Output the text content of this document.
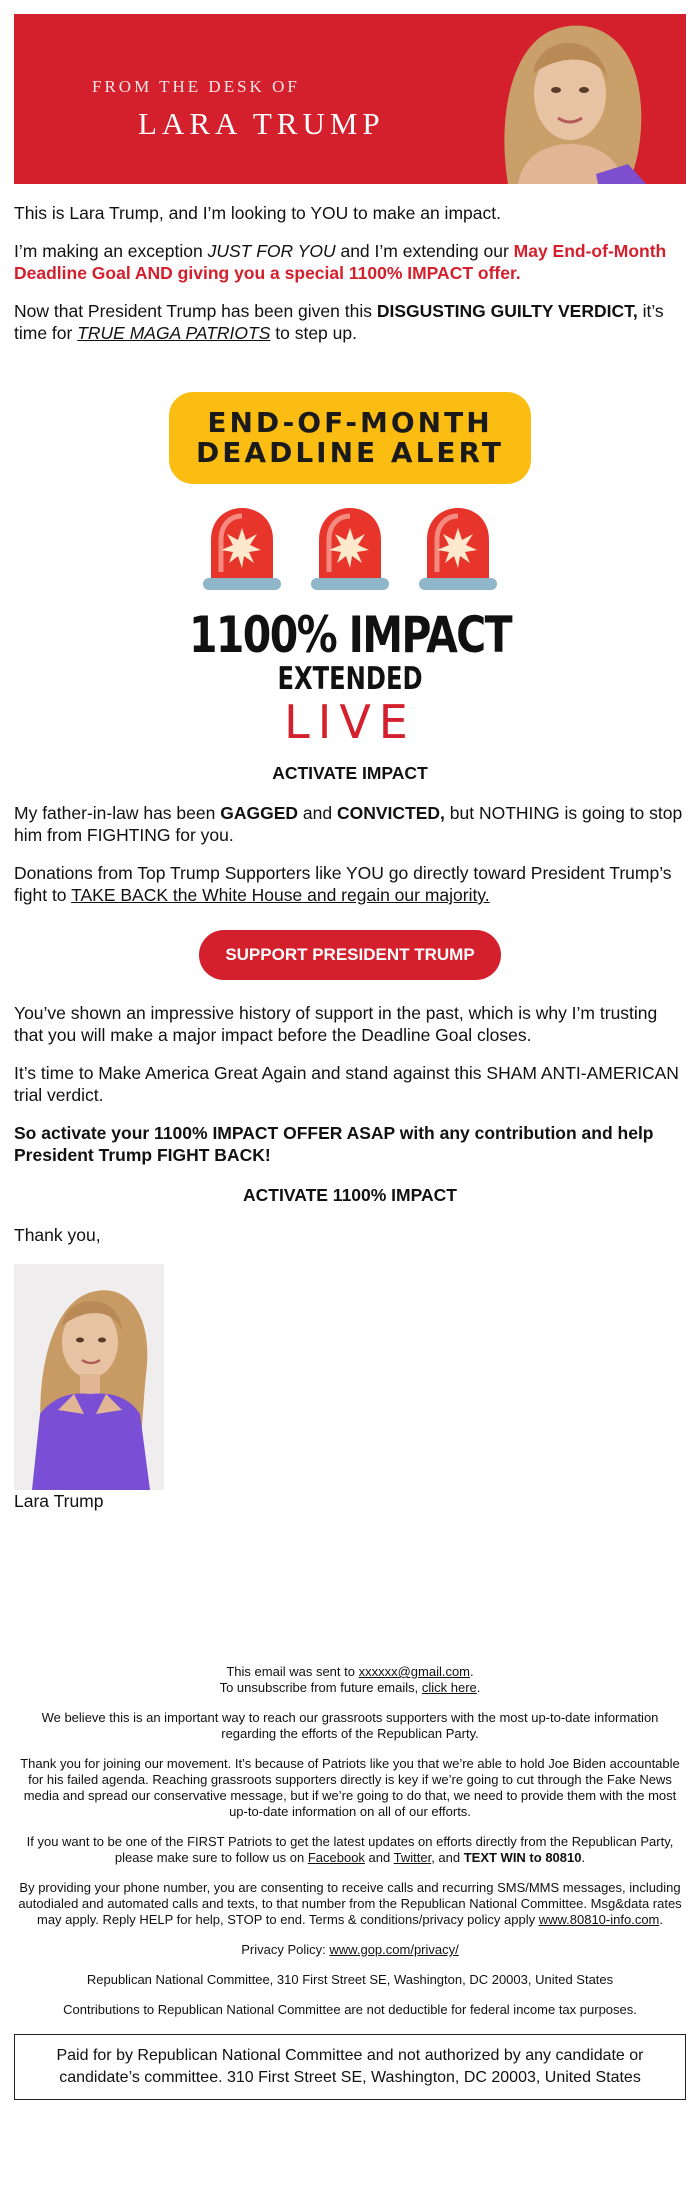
FROM THE DESK OF
LARA TRUMP

This is Lara Trump, and I’m looking to YOU to make an impact.

I’m making an exception JUST FOR YOU and I’m extending our May End-of-Month Deadline Goal AND giving you a special 1100% IMPACT offer.

Now that President Trump has been given this DISGUSTING GUILTY VERDICT, it’s time for TRUE MAGA PATRIOTS to step up.

END-OF-MONTH
DEADLINE ALERT
1100% IMPACT
EXTENDED
LIVE

ACTIVATE IMPACT

My father-in-law has been GAGGED and CONVICTED, but NOTHING is going to stop him from FIGHTING for you.

Donations from Top Trump Supporters like YOU go directly toward President Trump’s fight to TAKE BACK the White House and regain our majority.

SUPPORT PRESIDENT TRUMP

You’ve shown an impressive history of support in the past, which is why I’m trusting that you will make a major impact before the Deadline Goal closes.

It’s time to Make America Great Again and stand against this SHAM ANTI-AMERICAN trial verdict.

So activate your 1100% IMPACT OFFER ASAP with any contribution and help President Trump FIGHT BACK!

ACTIVATE 1100% IMPACT

Thank you,

Lara Trump

This email was sent to xxxxxx@gmail.com.

To unsubscribe from future emails, click here.

We believe this is an important way to reach our grassroots supporters with the most up-to-date information regarding the efforts of the Republican Party.

Thank you for joining our movement. It’s because of Patriots like you that we’re able to hold Joe Biden accountable for his failed agenda. Reaching grassroots supporters directly is key if we’re going to cut through the Fake News media and spread our conservative message, but if we’re going to do that, we need to provide them with the most up-to-date information on all of our efforts.

If you want to be one of the FIRST Patriots to get the latest updates on efforts directly from the Republican Party, please make sure to follow us on Facebook and Twitter, and TEXT WIN to 80810.

By providing your phone number, you are consenting to receive calls and recurring SMS/MMS messages, including autodialed and automated calls and texts, to that number from the Republican National Committee. Msg&data rates may apply. Reply HELP for help, STOP to end. Terms & conditions/privacy policy apply www.80810-info.com.

Privacy Policy: www.gop.com/privacy/

Republican National Committee, 310 First Street SE, Washington, DC 20003, United States

Contributions to Republican National Committee are not deductible for federal income tax purposes.

Paid for by Republican National Committee and not authorized by any candidate or candidate’s committee. 310 First Street SE, Washington, DC 20003, United States
